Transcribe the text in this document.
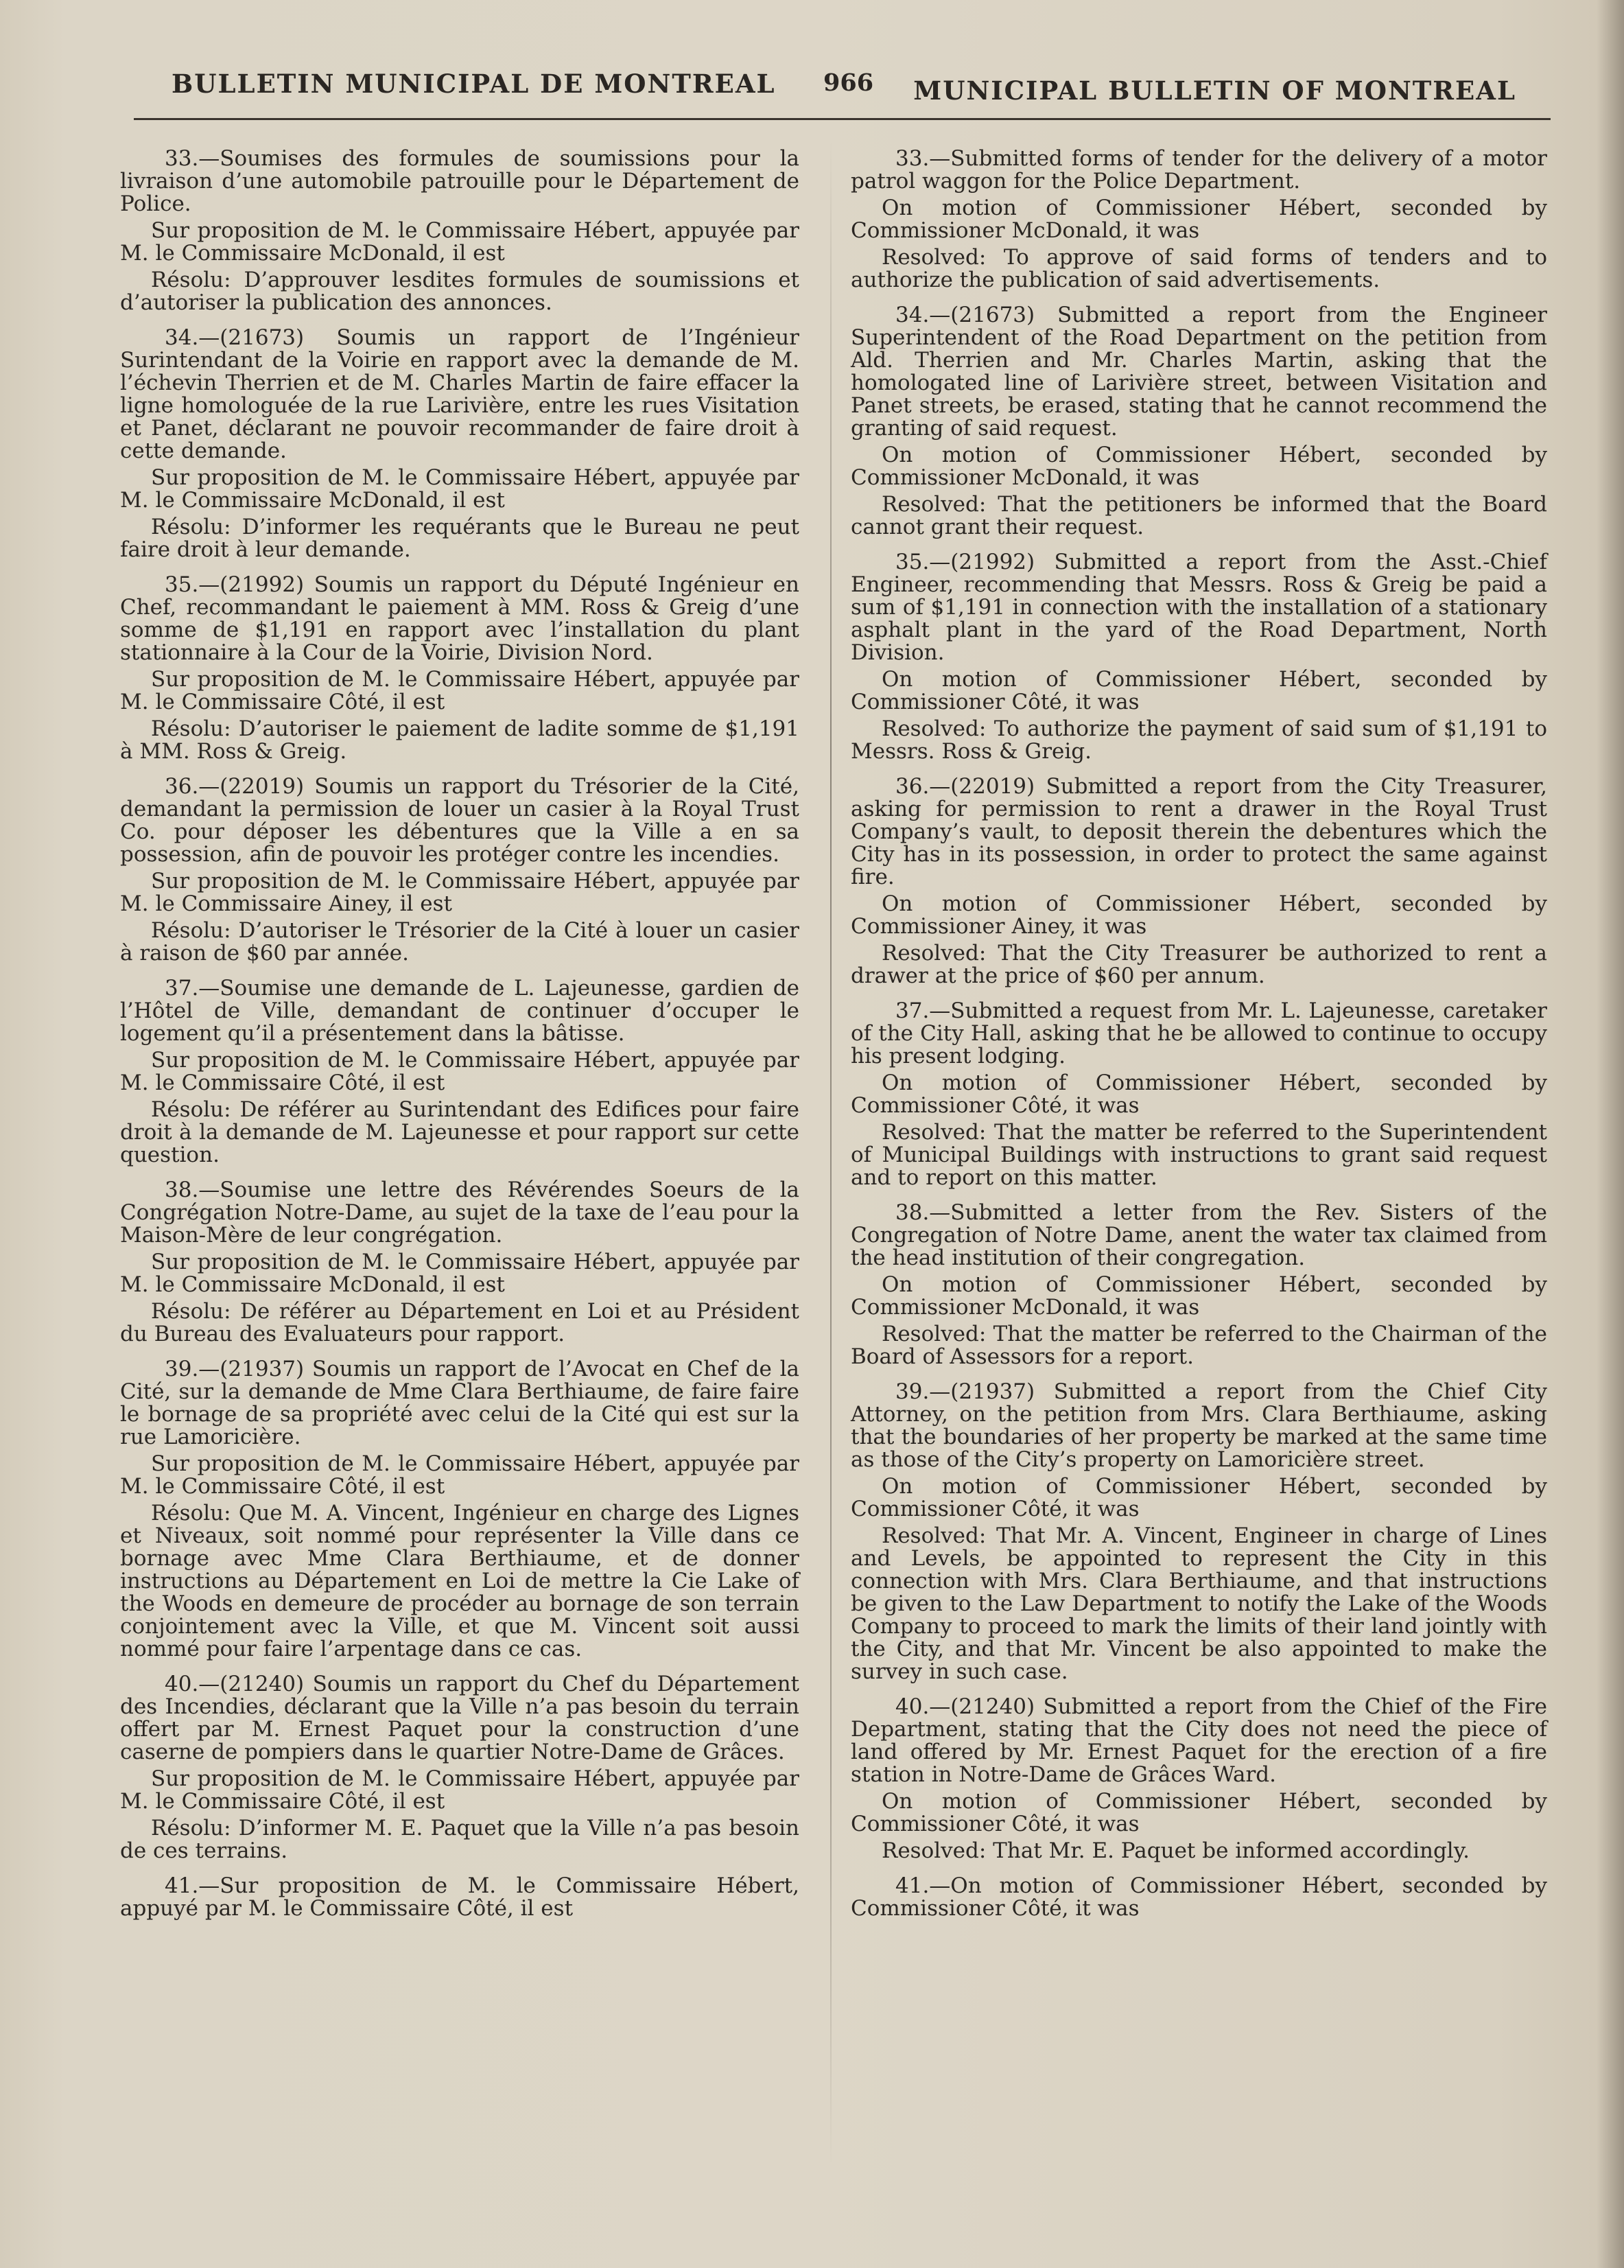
BULLETIN MUNICIPAL DE MONTREAL 966 MUNICIPAL BULLETIN OF MONTREAL

33.—Soumises des formules de soumissions pour la livraison d’une automobile patrouille pour le Département de Police.

Sur proposition de M. le Commissaire Hébert, appuyée par M. le Commissaire McDonald, il est

Résolu: D’approuver lesdites formules de soumissions et d’autoriser la publication des annonces.

34.—(21673) Soumis un rapport de l’Ingénieur Surintendant de la Voirie en rapport avec la demande de M. l’échevin Therrien et de M. Charles Martin de faire effacer la ligne homologuée de la rue Larivière, entre les rues Visitation et Panet, déclarant ne pouvoir recommander de faire droit à cette demande.

Sur proposition de M. le Commissaire Hébert, appuyée par M. le Commissaire McDonald, il est

Résolu: D’informer les requérants que le Bureau ne peut faire droit à leur demande.

35.—(21992) Soumis un rapport du Député Ingénieur en Chef, recommandant le paiement à MM. Ross & Greig d’une somme de $1,191 en rapport avec l’installation du plant stationnaire à la Cour de la Voirie, Division Nord.

Sur proposition de M. le Commissaire Hébert, appuyée par M. le Commissaire Côté, il est

Résolu: D’autoriser le paiement de ladite somme de $1,191 à MM. Ross & Greig.

36.—(22019) Soumis un rapport du Trésorier de la Cité, demandant la permission de louer un casier à la Royal Trust Co. pour déposer les débentures que la Ville a en sa possession, afin de pouvoir les protéger contre les incendies.

Sur proposition de M. le Commissaire Hébert, appuyée par M. le Commissaire Ainey, il est

Résolu: D’autoriser le Trésorier de la Cité à louer un casier à raison de $60 par année.

37.—Soumise une demande de L. Lajeunesse, gardien de l’Hôtel de Ville, demandant de continuer d’occuper le logement qu’il a présentement dans la bâtisse.

Sur proposition de M. le Commissaire Hébert, appuyée par M. le Commissaire Côté, il est

Résolu: De référer au Surintendant des Edifices pour faire droit à la demande de M. Lajeunesse et pour rapport sur cette question.

38.—Soumise une lettre des Révérendes Soeurs de la Congrégation Notre-Dame, au sujet de la taxe de l’eau pour la Maison-Mère de leur congrégation.

Sur proposition de M. le Commissaire Hébert, appuyée par M. le Commissaire McDonald, il est

Résolu: De référer au Département en Loi et au Président du Bureau des Evaluateurs pour rapport.

39.—(21937) Soumis un rapport de l’Avocat en Chef de la Cité, sur la demande de Mme Clara Berthiaume, de faire faire le bornage de sa propriété avec celui de la Cité qui est sur la rue Lamoricière.

Sur proposition de M. le Commissaire Hébert, appuyée par M. le Commissaire Côté, il est

Résolu: Que M. A. Vincent, Ingénieur en charge des Lignes et Niveaux, soit nommé pour représenter la Ville dans ce bornage avec Mme Clara Berthiaume, et de donner instructions au Département en Loi de mettre la Cie Lake of the Woods en demeure de procéder au bornage de son terrain conjointement avec la Ville, et que M. Vincent soit aussi nommé pour faire l’arpentage dans ce cas.

40.—(21240) Soumis un rapport du Chef du Département des Incendies, déclarant que la Ville n’a pas besoin du terrain offert par M. Ernest Paquet pour la construction d’une caserne de pompiers dans le quartier Notre-Dame de Grâces.

Sur proposition de M. le Commissaire Hébert, appuyée par M. le Commissaire Côté, il est

Résolu: D’informer M. E. Paquet que la Ville n’a pas besoin de ces terrains.

41.—Sur proposition de M. le Commissaire Hébert, appuyé par M. le Commissaire Côté, il est

33.—Submitted forms of tender for the delivery of a motor patrol waggon for the Police Department.

On motion of Commissioner Hébert, seconded by Commissioner McDonald, it was

Resolved: To approve of said forms of tenders and to authorize the publication of said advertisements.

34.—(21673) Submitted a report from the Engineer Superintendent of the Road Department on the petition from Ald. Therrien and Mr. Charles Martin, asking that the homologated line of Larivière street, between Visitation and Panet streets, be erased, stating that he cannot recommend the granting of said request.

On motion of Commissioner Hébert, seconded by Commissioner McDonald, it was

Resolved: That the petitioners be informed that the Board cannot grant their request.

35.—(21992) Submitted a report from the Asst.-Chief Engineer, recommending that Messrs. Ross & Greig be paid a sum of $1,191 in connection with the installation of a stationary asphalt plant in the yard of the Road Department, North Division.

On motion of Commissioner Hébert, seconded by Commissioner Côté, it was

Resolved: To authorize the payment of said sum of $1,191 to Messrs. Ross & Greig.

36.—(22019) Submitted a report from the City Treasurer, asking for permission to rent a drawer in the Royal Trust Company’s vault, to deposit therein the debentures which the City has in its possession, in order to protect the same against fire.

On motion of Commissioner Hébert, seconded by Commissioner Ainey, it was

Resolved: That the City Treasurer be authorized to rent a drawer at the price of $60 per annum.

37.—Submitted a request from Mr. L. Lajeunesse, caretaker of the City Hall, asking that he be allowed to continue to occupy his present lodging.

On motion of Commissioner Hébert, seconded by Commissioner Côté, it was

Resolved: That the matter be referred to the Superintendent of Municipal Buildings with instructions to grant said request and to report on this matter.

38.—Submitted a letter from the Rev. Sisters of the Congregation of Notre Dame, anent the water tax claimed from the head institution of their congregation.

On motion of Commissioner Hébert, seconded by Commissioner McDonald, it was

Resolved: That the matter be referred to the Chairman of the Board of Assessors for a report.

39.—(21937) Submitted a report from the Chief City Attorney, on the petition from Mrs. Clara Berthiaume, asking that the boundaries of her property be marked at the same time as those of the City’s property on Lamoricière street.

On motion of Commissioner Hébert, seconded by Commissioner Côté, it was

Resolved: That Mr. A. Vincent, Engineer in charge of Lines and Levels, be appointed to represent the City in this connection with Mrs. Clara Berthiaume, and that instructions be given to the Law Department to notify the Lake of the Woods Company to proceed to mark the limits of their land jointly with the City, and that Mr. Vincent be also appointed to make the survey in such case.

40.—(21240) Submitted a report from the Chief of the Fire Department, stating that the City does not need the piece of land offered by Mr. Ernest Paquet for the erection of a fire station in Notre-Dame de Grâces Ward.

On motion of Commissioner Hébert, seconded by Commissioner Côté, it was

Resolved: That Mr. E. Paquet be informed accordingly.

41.—On motion of Commissioner Hébert, seconded by Commissioner Côté, it was
